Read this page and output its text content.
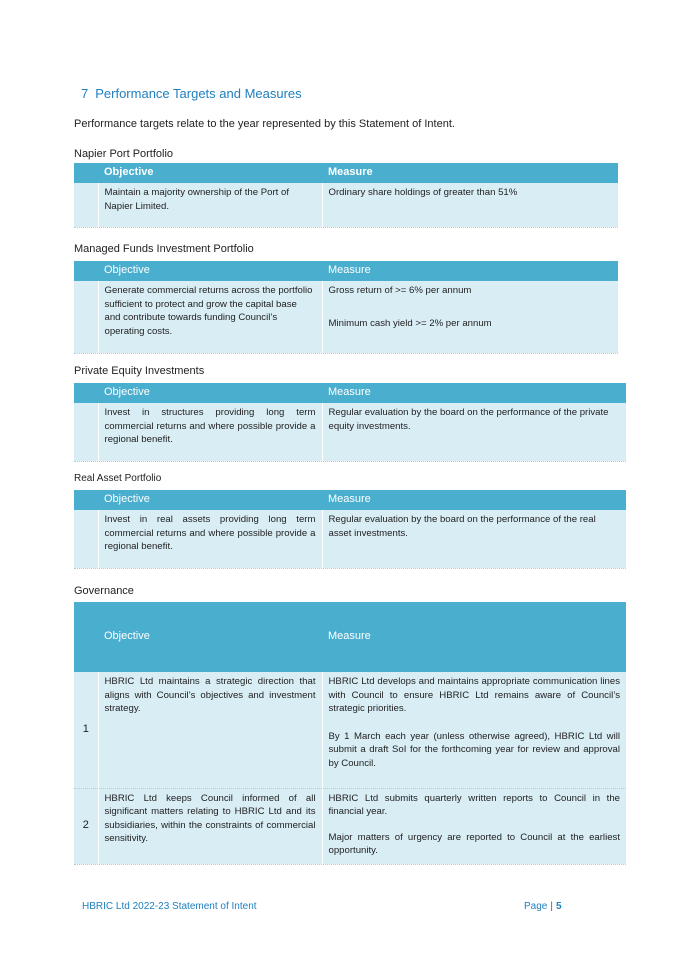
7 Performance Targets and Measures

Performance targets relate to the year represented by this Statement of Intent.

Napier Port Portfolio

	Objective	Measure
	Maintain a majority ownership of the Port of Napier Limited.	Ordinary share holdings of greater than 51%

Managed Funds Investment Portfolio

	Objective	Measure
	Generate commercial returns across the portfolio sufficient to protect and grow the capital base and contribute towards funding Council’s operating costs.	Gross return of >= 6% per annum
Minimum cash yield >= 2% per annum

Private Equity Investments

	Objective	Measure
	Invest in structures providing long term commercial returns and where possible provide a regional benefit.	Regular evaluation by the board on the performance of the private equity investments.

Real Asset Portfolio

	Objective	Measure
	Invest in real assets providing long term commercial returns and where possible provide a regional benefit.	Regular evaluation by the board on the performance of the real asset investments.

Governance

	Objective	Measure
1	HBRIC Ltd maintains a strategic direction that aligns with Council’s objectives and investment strategy.	HBRIC Ltd develops and maintains appropriate communication lines with Council to ensure HBRIC Ltd remains aware of Council’s strategic priorities.
By 1 March each year (unless otherwise agreed), HBRIC Ltd will submit a draft SoI for the forthcoming year for review and approval by Council.
2	HBRIC Ltd keeps Council informed of all significant matters relating to HBRIC Ltd and its subsidiaries, within the constraints of commercial sensitivity.	HBRIC Ltd submits quarterly written reports to Council in the financial year.
Major matters of urgency are reported to Council at the earliest opportunity.
HBRIC Ltd 2022-23 Statement of Intent	Page | 5
